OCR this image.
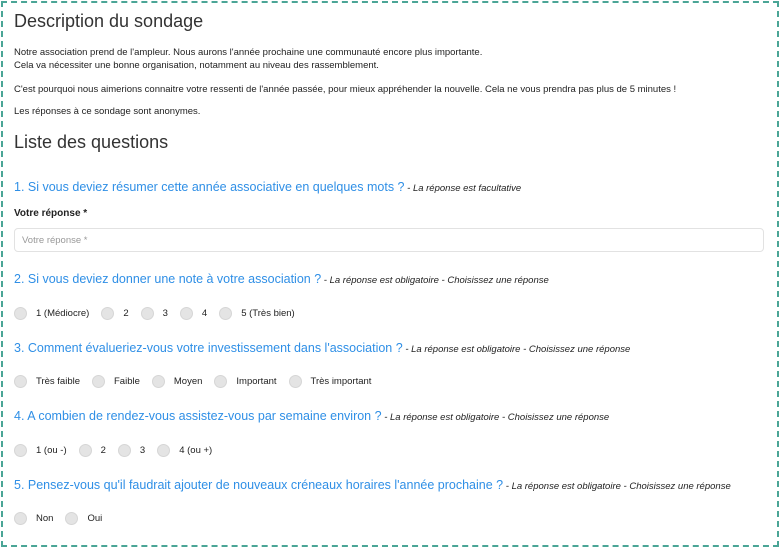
Description du sondage
Notre association prend de l'ampleur. Nous aurons l'année prochaine une communauté encore plus importante.
Cela va nécessiter une bonne organisation, notamment au niveau des rassemblement.
C'est pourquoi nous aimerions connaitre votre ressenti de l'année passée, pour mieux appréhender la nouvelle. Cela ne vous prendra pas plus de 5 minutes !
Les réponses à ce sondage sont anonymes.
Liste des questions
1. Si vous deviez résumer cette année associative en quelques mots ? - La réponse est facultative
Votre réponse *
Votre réponse *
2. Si vous deviez donner une note à votre association ? - La réponse est obligatoire - Choisissez une réponse
1 (Médiocre)	2	3	4	5 (Très bien)
3. Comment évalueriez-vous votre investissement dans l'association ? - La réponse est obligatoire - Choisissez une réponse
Très faible	Faible	Moyen	Important	Très important
4. A combien de rendez-vous assistez-vous par semaine environ ? - La réponse est obligatoire - Choisissez une réponse
1 (ou -)	2	3	4 (ou +)
5. Pensez-vous qu'il faudrait ajouter de nouveaux créneaux horaires l'année prochaine ? - La réponse est obligatoire - Choisissez une réponse
Non	Oui
